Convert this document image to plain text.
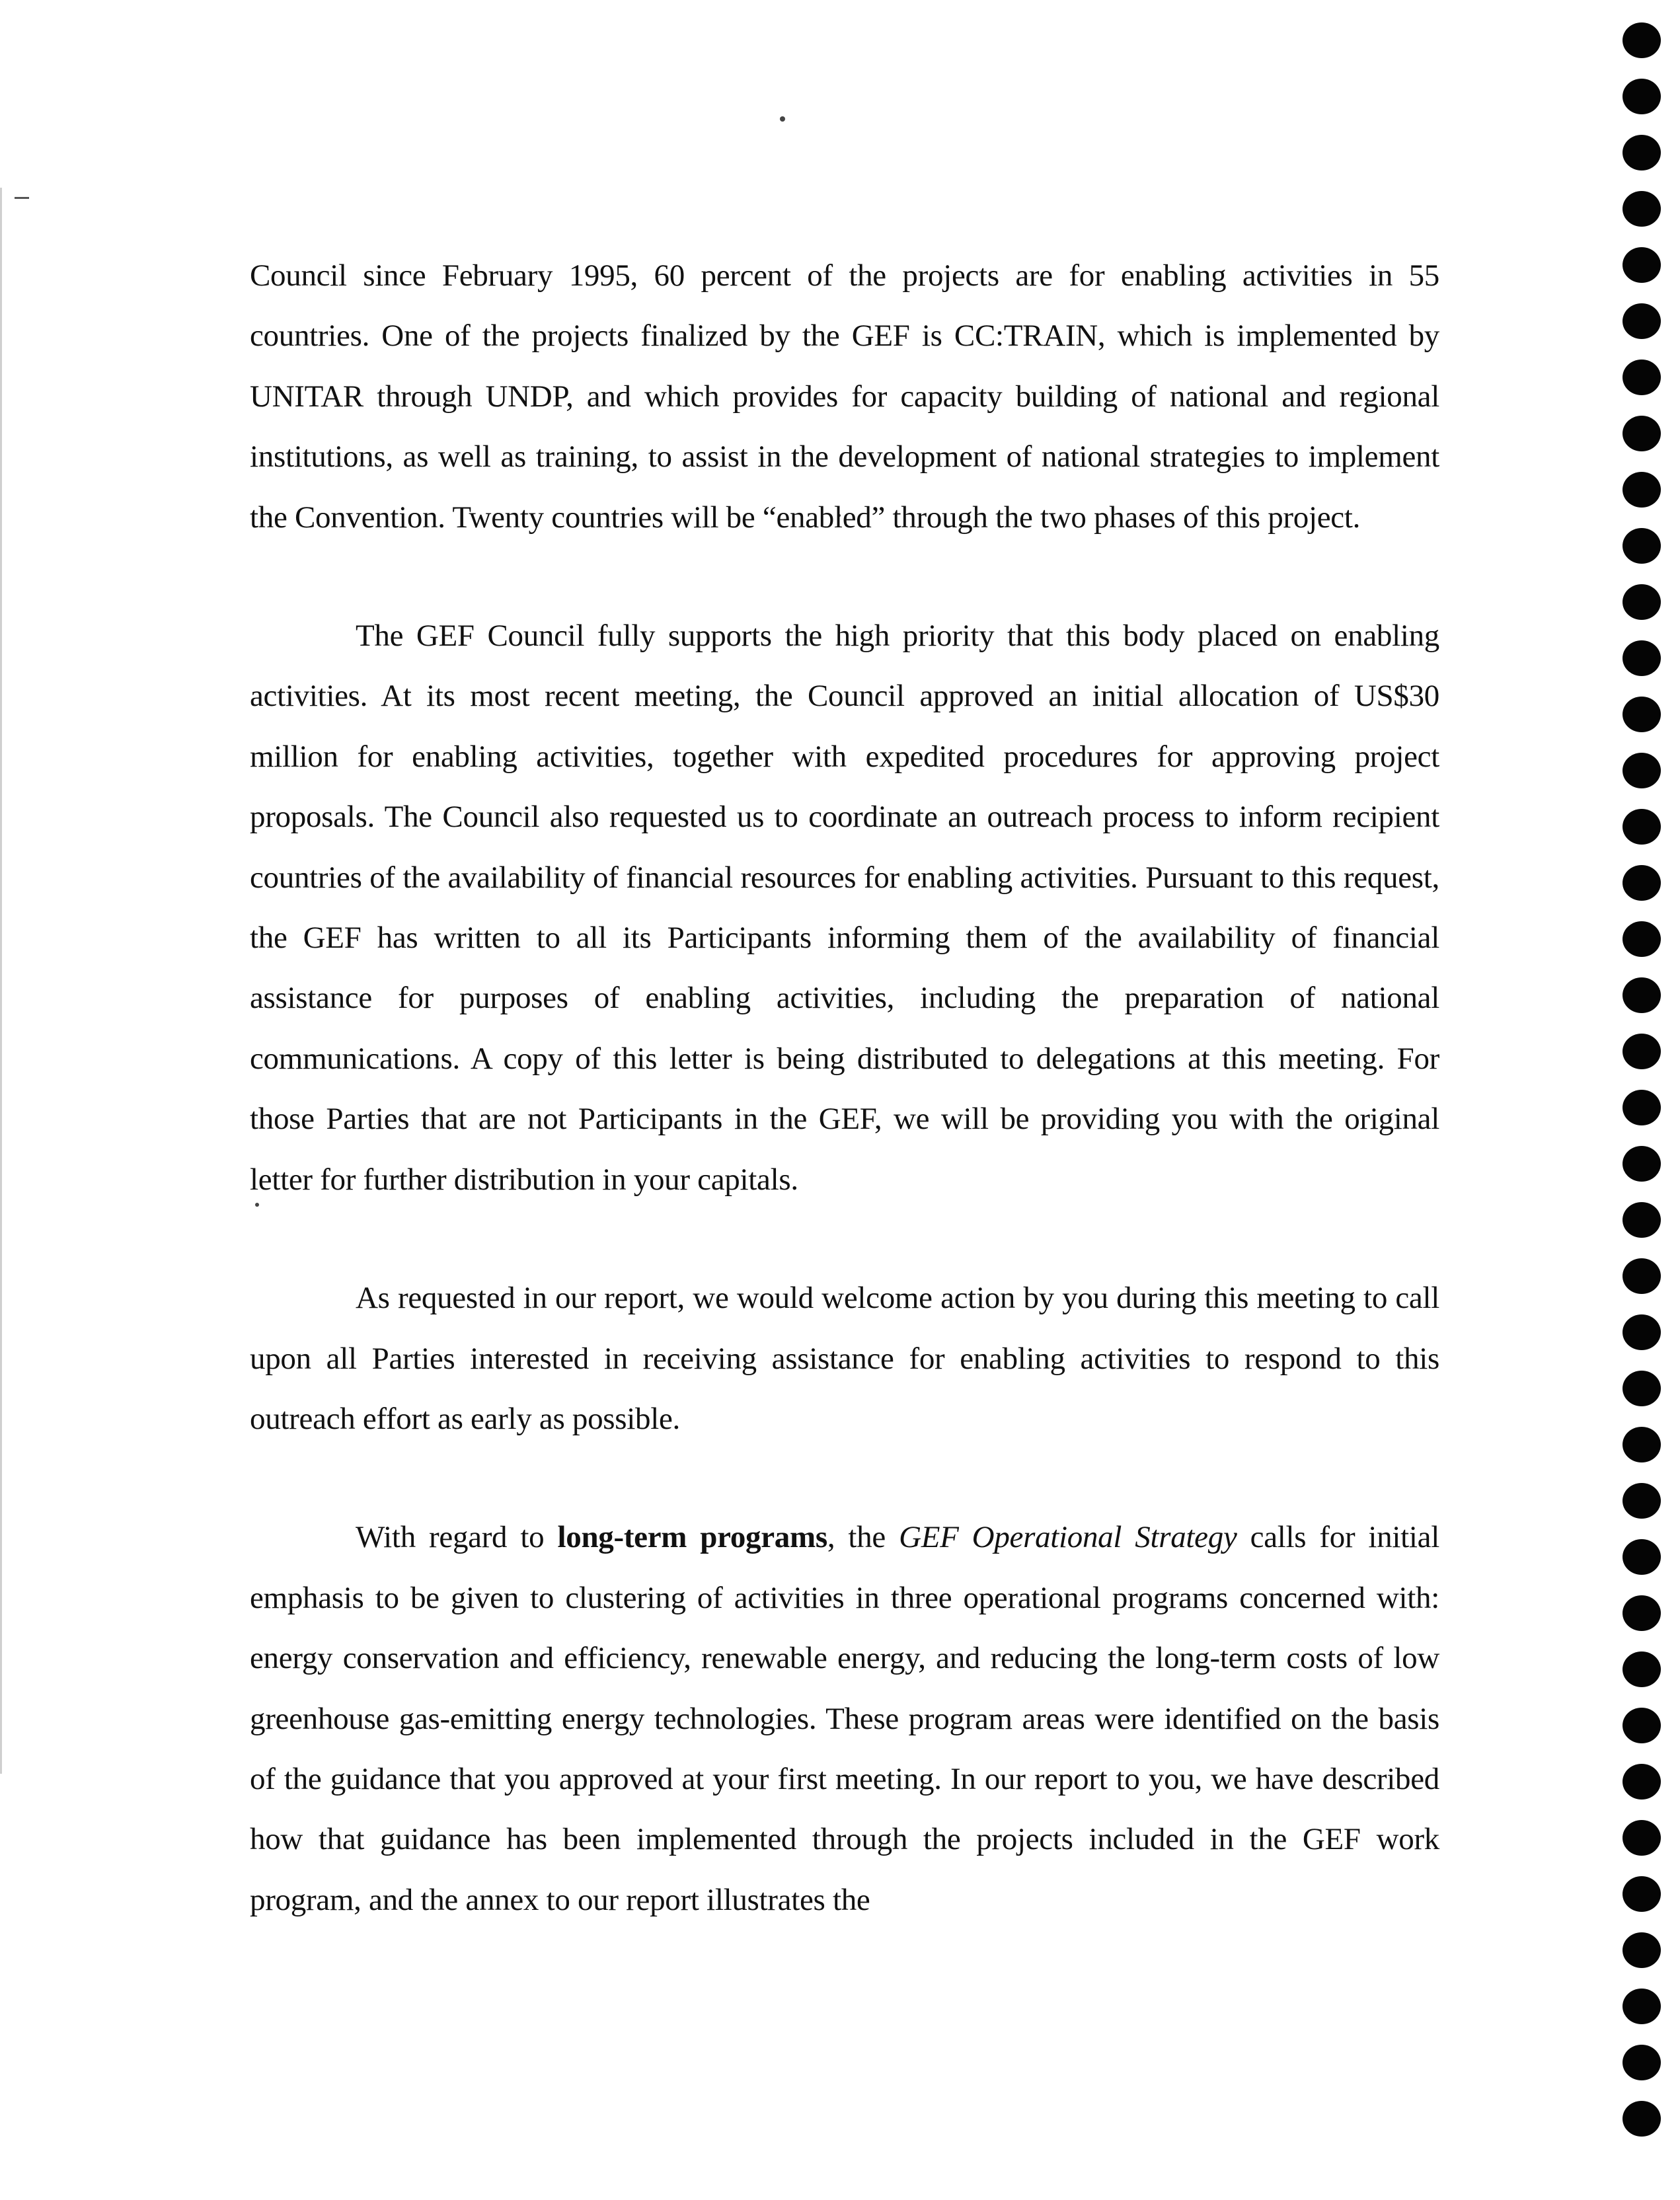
Council since February 1995, 60 percent of the projects are for enabling activities in 55 countries. One of the projects finalized by the GEF is CC:TRAIN, which is implemented by UNITAR through UNDP, and which provides for capacity building of national and regional institutions, as well as training, to assist in the development of national strategies to implement the Convention. Twenty countries will be “enabled” through the two phases of this project.

The GEF Council fully supports the high priority that this body placed on enabling activities. At its most recent meeting, the Council approved an initial allocation of US$30 million for enabling activities, together with expedited procedures for approving project proposals. The Council also requested us to coordinate an outreach process to inform recipient countries of the availability of financial resources for enabling activities. Pursuant to this request, the GEF has written to all its Participants informing them of the availability of financial assistance for purposes of enabling activities, including the preparation of national communications. A copy of this letter is being distributed to delegations at this meeting. For those Parties that are not Participants in the GEF, we will be providing you with the original letter for further distribution in your capitals.

As requested in our report, we would welcome action by you during this meeting to call upon all Parties interested in receiving assistance for enabling activities to respond to this outreach effort as early as possible.

With regard to long-term programs, the GEF Operational Strategy calls for initial emphasis to be given to clustering of activities in three operational programs concerned with: energy conservation and efficiency, renewable energy, and reducing the long-term costs of low greenhouse gas-emitting energy technologies. These program areas were identified on the basis of the guidance that you approved at your first meeting. In our report to you, we have described how that guidance has been implemented through the projects included in the GEF work program, and the annex to our report illustrates the
